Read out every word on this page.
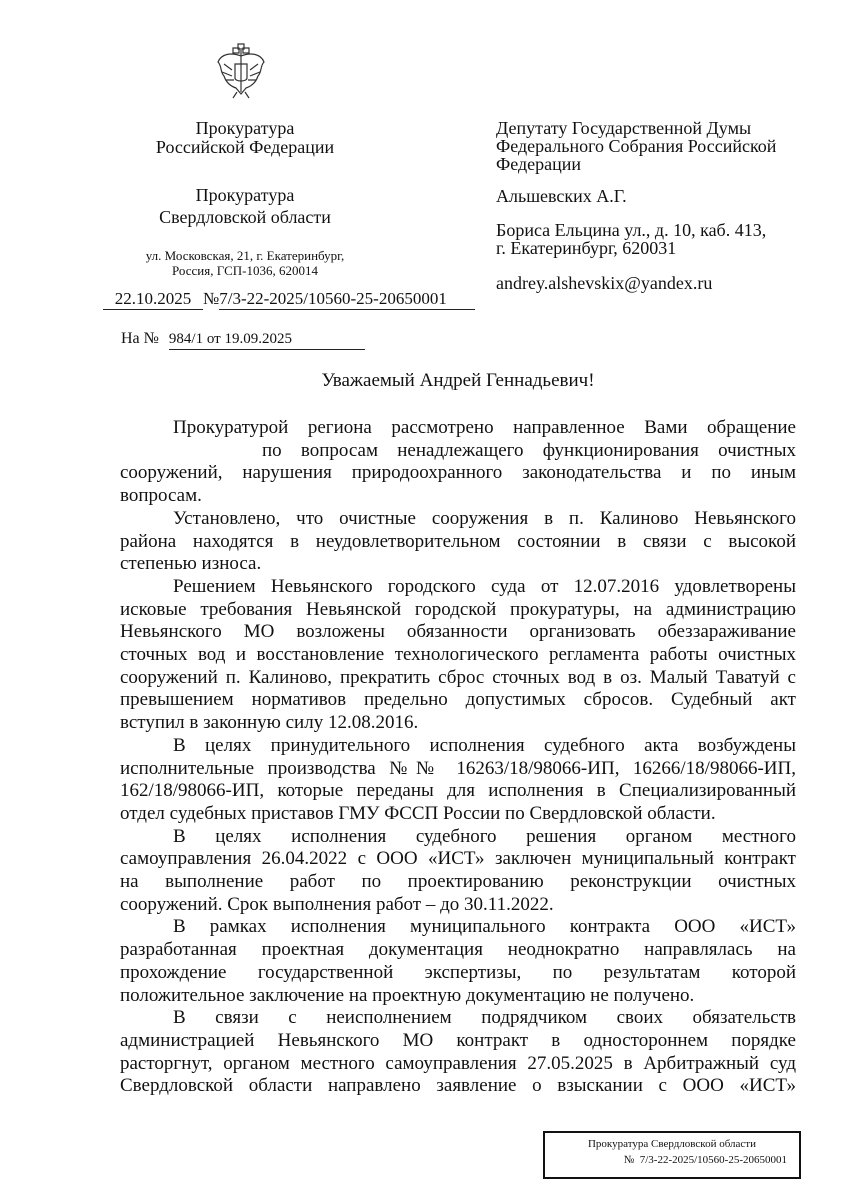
Прокуратура
Российской Федерации
Прокуратура
Свердловской области
ул. Московская, 21, г. Екатеринбург,
Россия, ГСП-1036, 620014
22.10.2025 №7/3-22-2025/10560-25-20650001
На № 984/1 от 19.09.2025
Депутату Государственной Думы
Федерального Собрания Российской
Федерации
Альшевских А.Г.
Бориса Ельцина ул., д. 10, каб. 413,
г. Екатеринбург, 620031
andrey.alshevskix@yandex.ru
Уважаемый Андрей Геннадьевич!
Прокуратурой региона рассмотрено направленное Вами обращение
по вопросам ненадлежащего функционирования очистных
сооружений, нарушения природоохранного законодательства и по иным
вопросам.
Установлено, что очистные сооружения в п. Калиново Невьянского
района находятся в неудовлетворительном состоянии в связи с высокой
степенью износа.
Решением Невьянского городского суда от 12.07.2016 удовлетворены
исковые требования Невьянской городской прокуратуры, на администрацию
Невьянского МО возложены обязанности организовать обеззараживание
сточных вод и восстановление технологического регламента работы очистных
сооружений п. Калиново, прекратить сброс сточных вод в оз. Малый Таватуй с
превышением нормативов предельно допустимых сбросов. Судебный акт
вступил в законную силу 12.08.2016.
В целях принудительного исполнения судебного акта возбуждены
исполнительные производства №№ 16263/18/98066-ИП, 16266/18/98066-ИП,
162/18/98066-ИП, которые переданы для исполнения в Специализированный
отдел судебных приставов ГМУ ФССП России по Свердловской области.
В целях исполнения судебного решения органом местного
самоуправления 26.04.2022 с ООО «ИСТ» заключен муниципальный контракт
на выполнение работ по проектированию реконструкции очистных
сооружений. Срок выполнения работ – до 30.11.2022.
В рамках исполнения муниципального контракта ООО «ИСТ»
разработанная проектная документация неоднократно направлялась на
прохождение государственной экспертизы, по результатам которой
положительное заключение на проектную документацию не получено.
В связи с неисполнением подрядчиком своих обязательств
администрацией Невьянского МО контракт в одностороннем порядке
расторгнут, органом местного самоуправления 27.05.2025 в Арбитражный суд
Свердловской области направлено заявление о взыскании с ООО «ИСТ»
Прокуратура Свердловской области
№ 7/3-22-2025/10560-25-20650001
